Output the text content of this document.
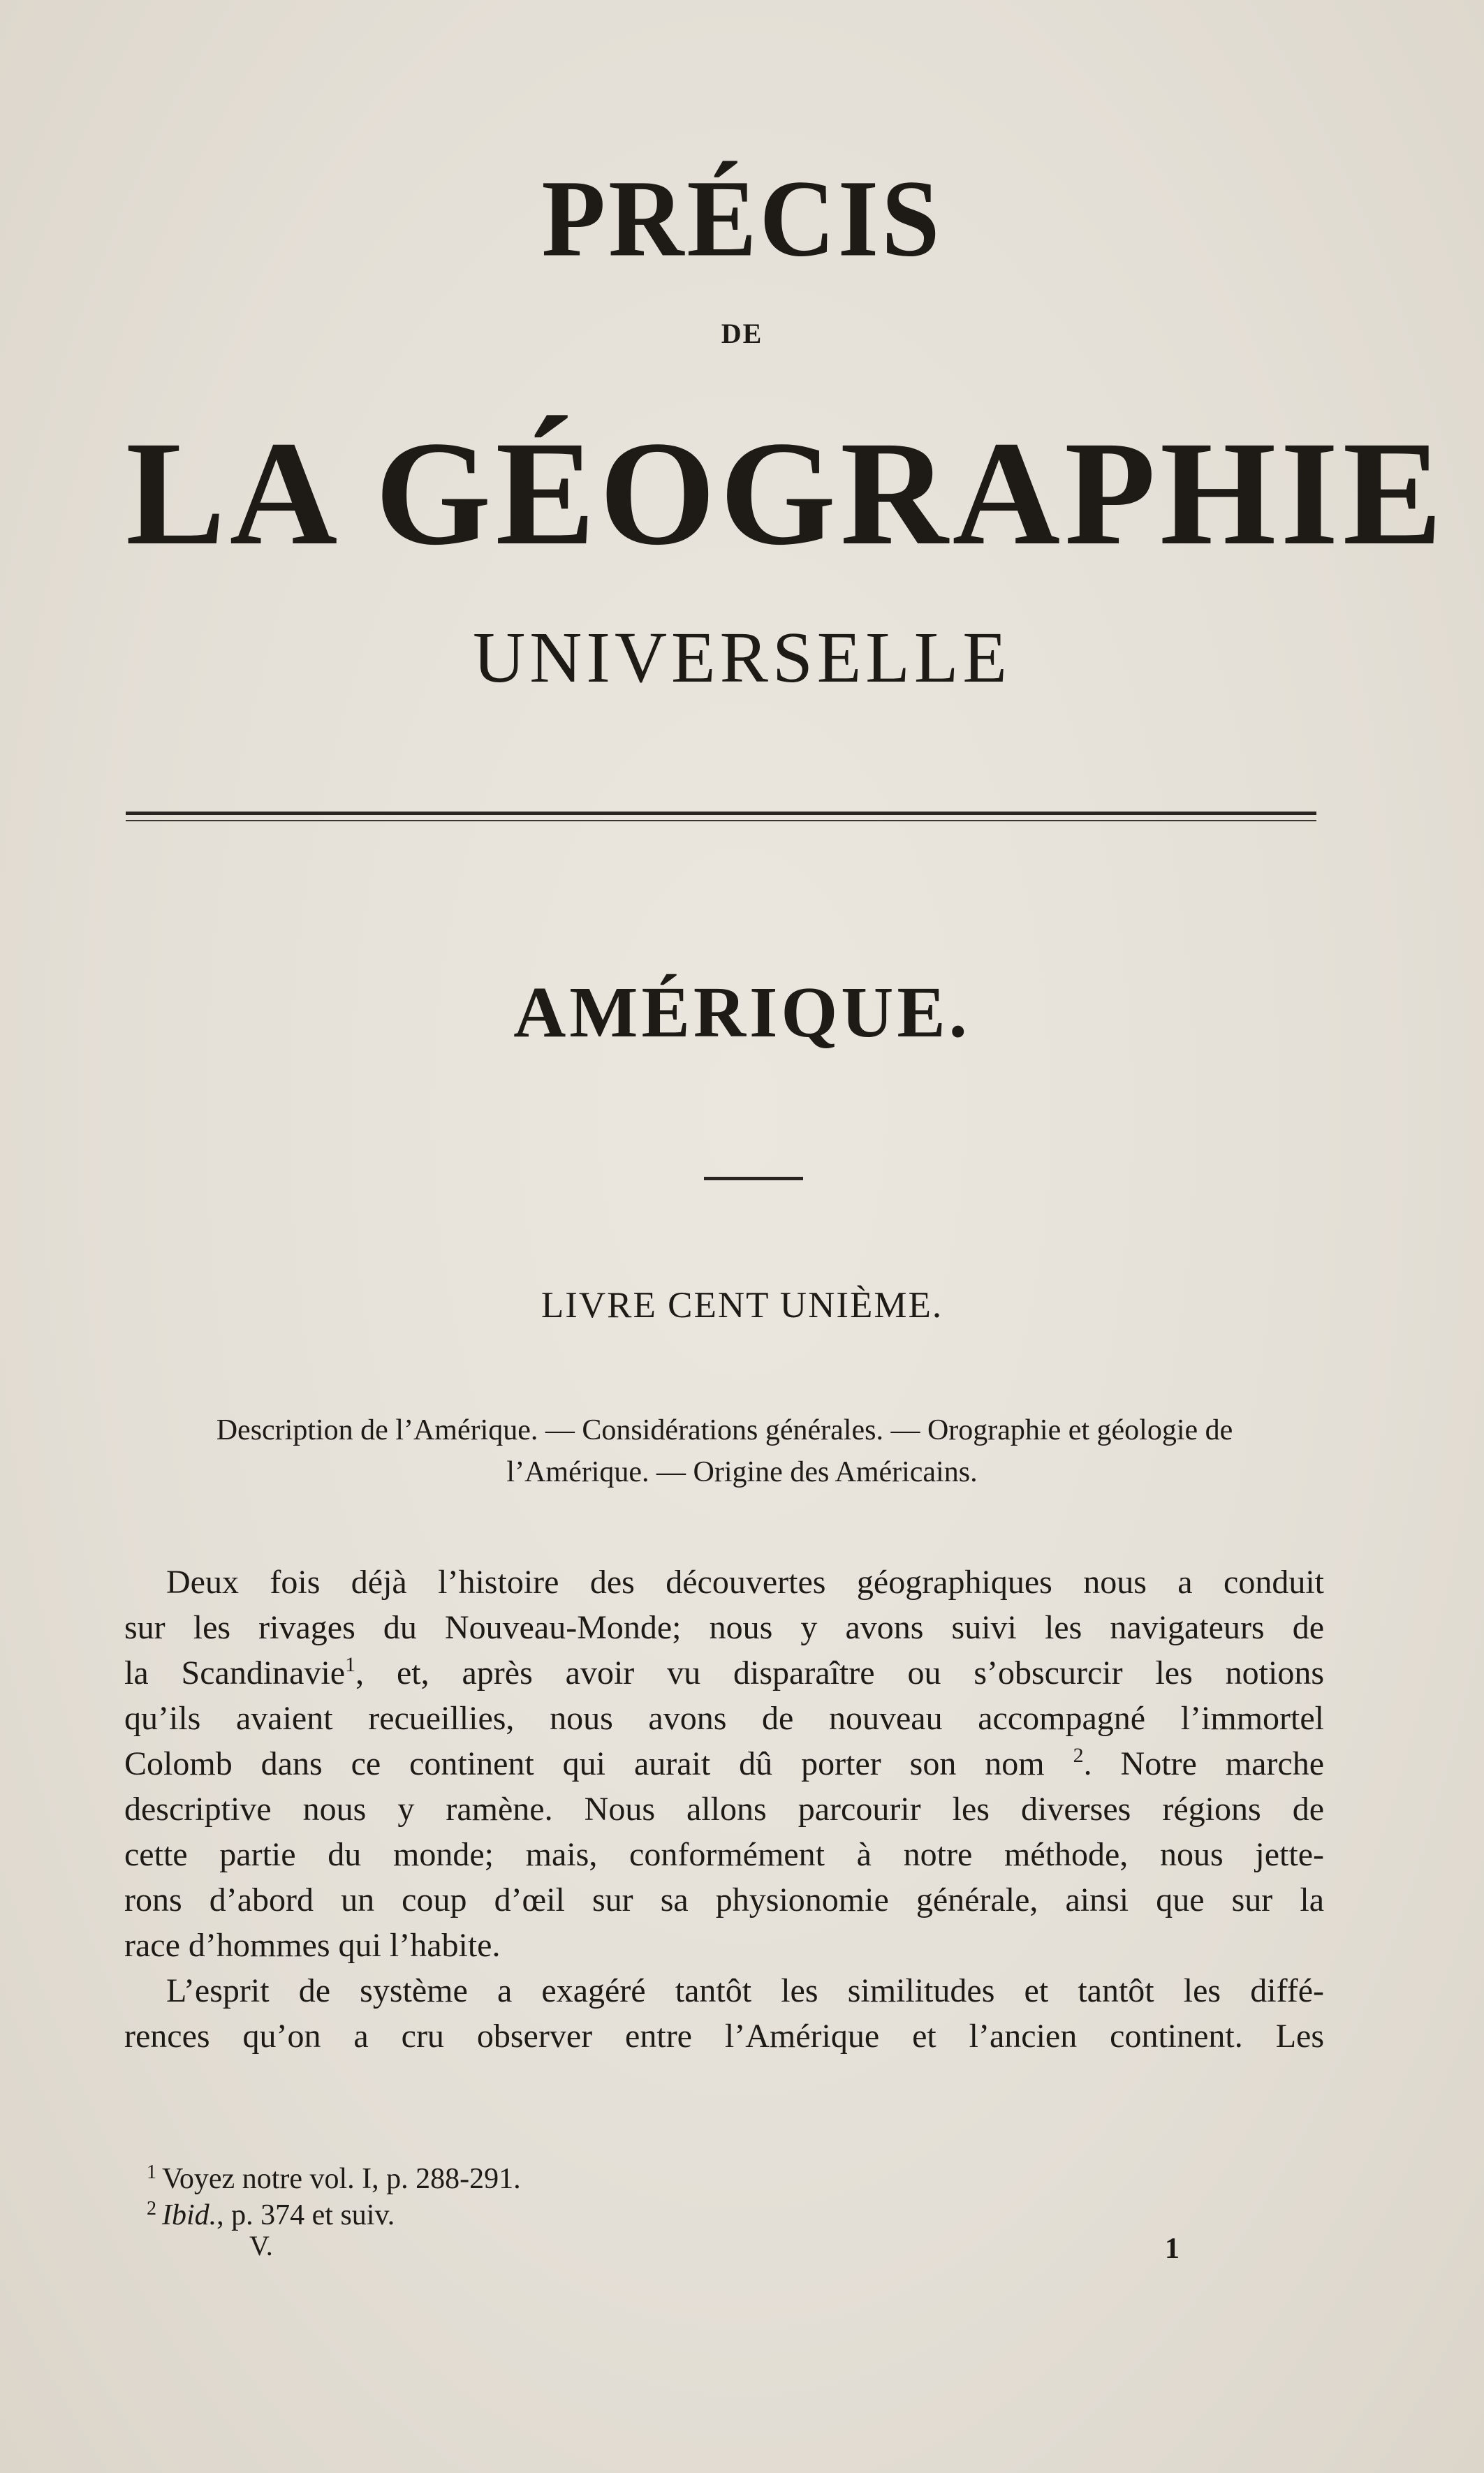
PRÉCIS
DE
LA GÉOGRAPHIE
UNIVERSELLE
AMÉRIQUE.
LIVRE CENT UNIÈME.
Description de l’Amérique. — Considérations générales. — Orographie et géologie de
l’Amérique. — Origine des Américains.
Deux fois déjà l’histoire des découvertes géographiques nous a conduit
sur les rivages du Nouveau-Monde; nous y avons suivi les navigateurs de
la Scandinavie$^1$, et, après avoir vu disparaître ou s’obscurcir les notions
qu’ils avaient recueillies, nous avons de nouveau accompagné l’immortel
Colomb dans ce continent qui aurait dû porter son nom $^2$. Notre marche
descriptive nous y ramène. Nous allons parcourir les diverses régions de
cette partie du monde; mais, conformément à notre méthode, nous jette-
rons d’abord un coup d’œil sur sa physionomie générale, ainsi que sur la
race d’hommes qui l’habite.
L’esprit de système a exagéré tantôt les similitudes et tantôt les diffé-
rences qu’on a cru observer entre l’Amérique et l’ancien continent. Les
$^1$ Voyez notre vol. I, p. 288-291.
$^2$ Ibid., p. 374 et suiv.
V.	1
